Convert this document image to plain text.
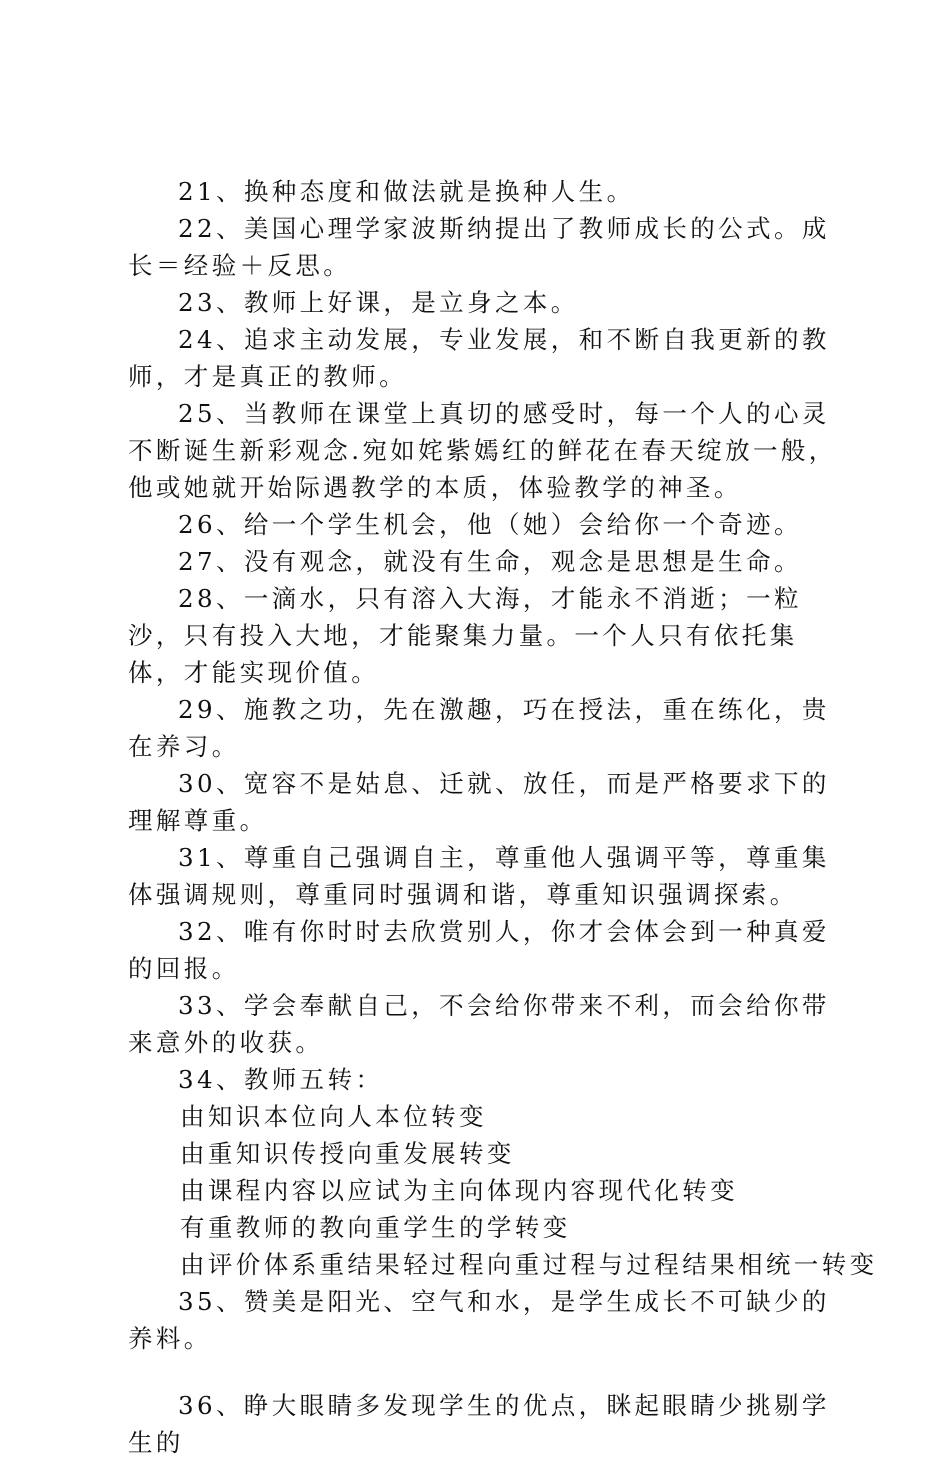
21、换种态度和做法就是换种人生。

22、美国心理学家波斯纳提出了教师成长的公式。成长＝经验＋反思。

23、教师上好课，是立身之本。

24、追求主动发展，专业发展，和不断自我更新的教师，才是真正的教师。

25、当教师在课堂上真切的感受时，每一个人的心灵不断诞生新彩观念.宛如姹紫嫣红的鲜花在春天绽放一般，他或她就开始际遇教学的本质，体验教学的神圣。

26、给一个学生机会，他（她）会给你一个奇迹。

27、没有观念，就没有生命，观念是思想是生命。

28、一滴水，只有溶入大海，才能永不消逝；一粒沙，只有投入大地，才能聚集力量。一个人只有依托集体，才能实现价值。

29、施教之功，先在激趣，巧在授法，重在练化，贵在养习。

30、宽容不是姑息、迁就、放任，而是严格要求下的理解尊重。

31、尊重自己强调自主，尊重他人强调平等，尊重集体强调规则，尊重同时强调和谐，尊重知识强调探索。

32、唯有你时时去欣赏别人，你才会体会到一种真爱的回报。

33、学会奉献自己，不会给你带来不利，而会给你带来意外的收获。

34、教师五转：

由知识本位向人本位转变

由重知识传授向重发展转变

由课程内容以应试为主向体现内容现代化转变

有重教师的教向重学生的学转变

由评价体系重结果轻过程向重过程与过程结果相统一转变

35、赞美是阳光、空气和水，是学生成长不可缺少的养料。

36、睁大眼睛多发现学生的优点，眯起眼睛少挑剔学生的
